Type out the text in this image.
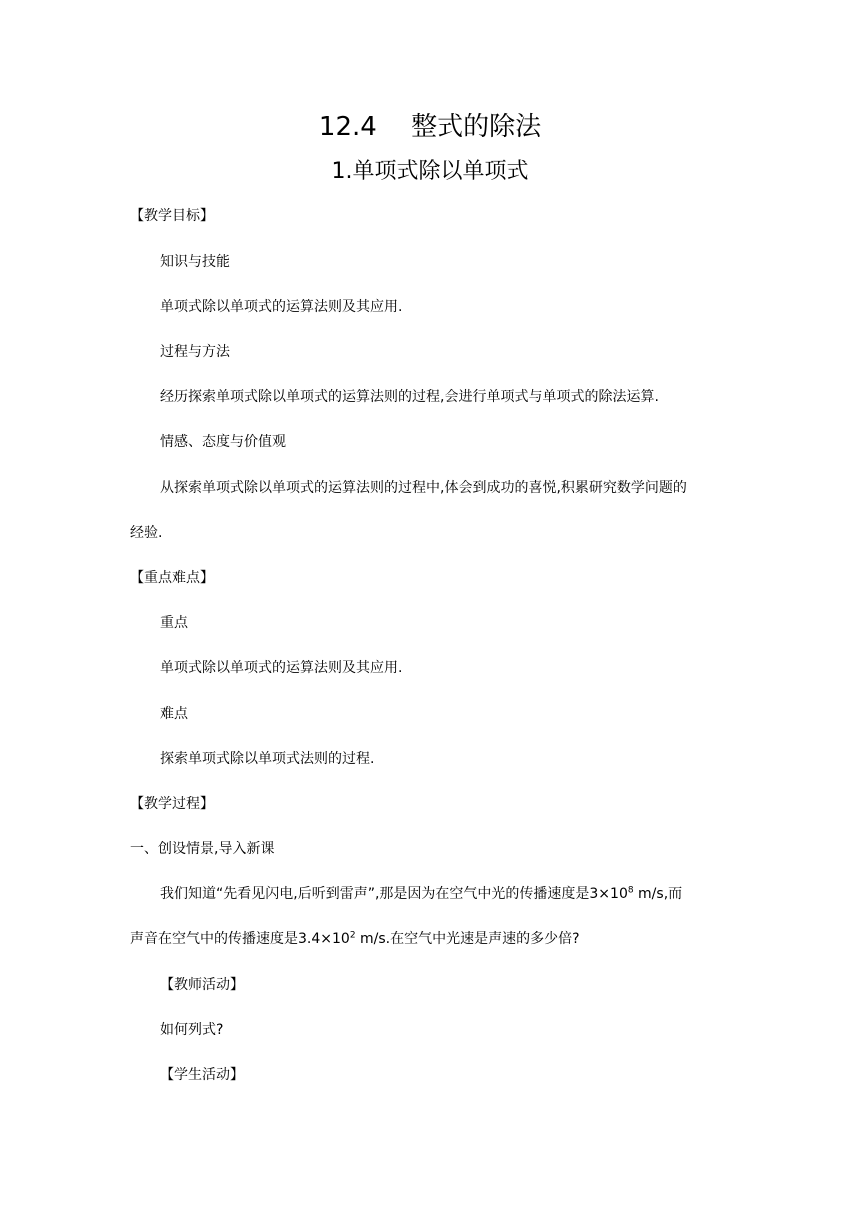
12.4　 整式的除法
1.单项式除以单项式
【教学目标】
知识与技能
单项式除以单项式的运算法则及其应用.
过程与方法
经历探索单项式除以单项式的运算法则的过程,会进行单项式与单项式的除法运算.
情感、态度与价值观
从探索单项式除以单项式的运算法则的过程中,体会到成功的喜悦,积累研究数学问题的
经验.
【重点难点】
重点
单项式除以单项式的运算法则及其应用.
难点
探索单项式除以单项式法则的过程.
【教学过程】
一、创设情景,导入新课
我们知道“先看见闪电,后听到雷声”,那是因为在空气中光的传播速度是$3\times 10^8$ m/s,而
声音在空气中的传播速度是$3.4\times 10^2$ m/s.在空气中光速是声速的多少倍?
【教师活动】
如何列式?
【学生活动】
